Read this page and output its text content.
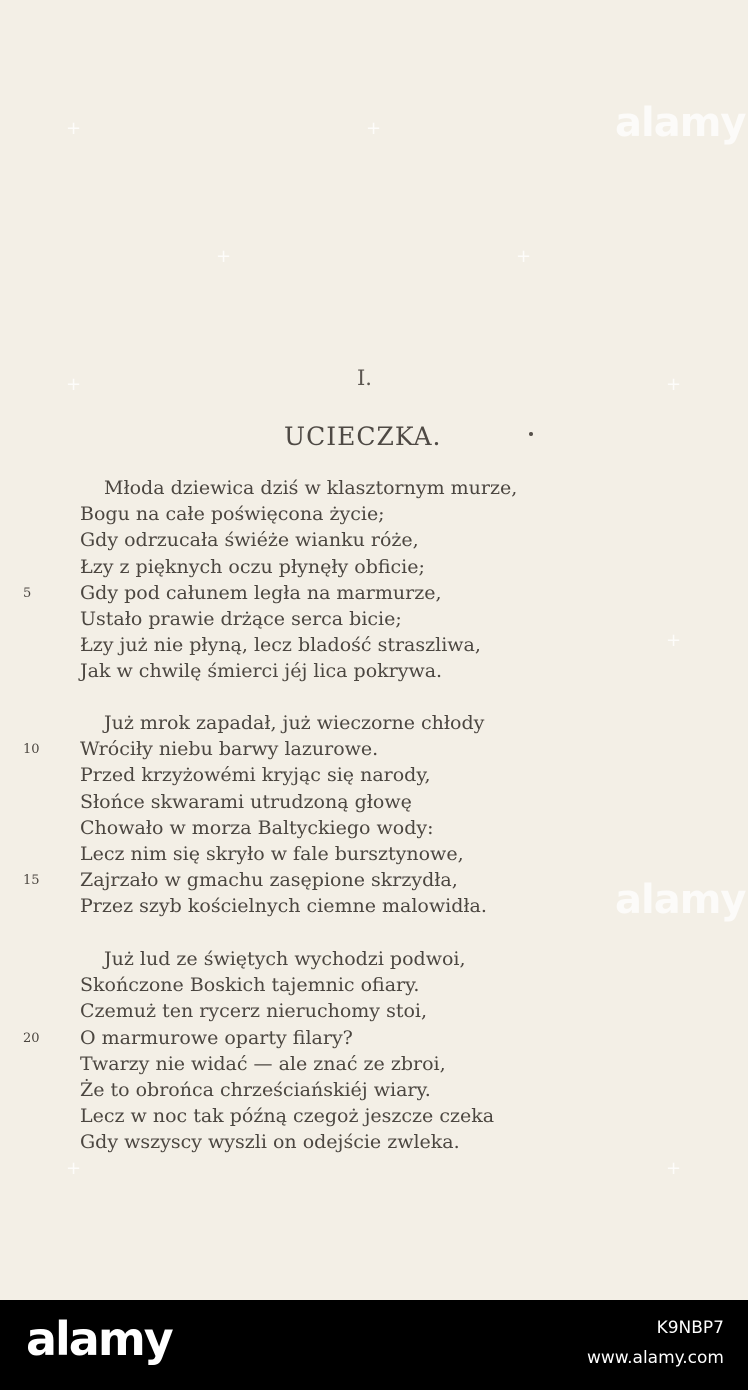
I.
UCIECZKA.
Młoda dziewica dziś w klasztornym murze,
Bogu na całe poświęcona życie;
Gdy odrzucała świéże wianku róże,
Łzy z pięknych oczu płynęły obficie;
Gdy pod całunem legła na marmurze,
5
Ustało prawie drżące serca bicie;
Łzy już nie płyną, lecz bladość straszliwa,
Jak w chwilę śmierci jéj lica pokrywa.
Już mrok zapadał, już wieczorne chłody
Wróciły niebu barwy lazurowe.
10
Przed krzyżowémi kryjąc się narody,
Słońce skwarami utrudzoną głowę
Chowało w morza Baltyckiego wody:
Lecz nim się skryło w fale bursztynowe,
Zajrzało w gmachu zasępione skrzydła,
15
Przez szyb kościelnych ciemne malowidła.
Już lud ze świętych wychodzi podwoi,
Skończone Boskich tajemnic ofiary.
Czemuż ten rycerz nieruchomy stoi,
O marmurowe oparty filary?
20
Twarzy nie widać — ale znać ze zbroi,
Że to obrońca chrześciańskiéj wiary.
Lecz w noc tak późną czegoż jeszcze czeka
Gdy wszyscy wyszli on odejście zwleka.
alamy
alamy
+	+
+	+
+	+
+
+	+
alamy	K9NBP7
www.alamy.com
